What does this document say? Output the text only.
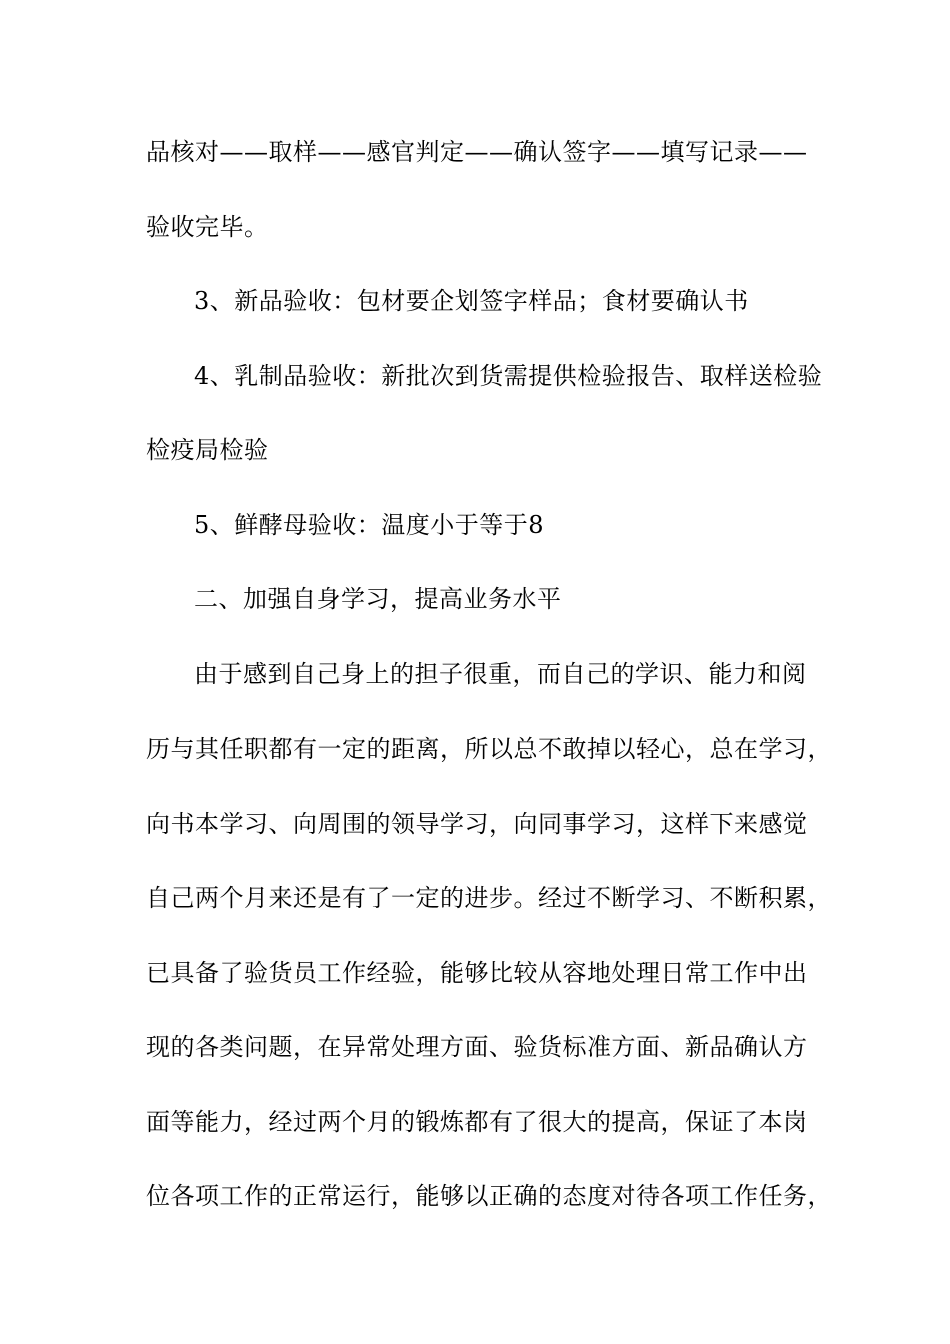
品核对——取样——感官判定——确认签字——填写记录——
验收完毕。
3、新品验收：包材要企划签字样品；食材要确认书
4、乳制品验收：新批次到货需提供检验报告、取样送检验
检疫局检验
5、鲜酵母验收：温度小于等于8
二、加强自身学习，提高业务水平
由于感到自己身上的担子很重，而自己的学识、能力和阅
历与其任职都有一定的距离，所以总不敢掉以轻心，总在学习，
向书本学习、向周围的领导学习，向同事学习，这样下来感觉
自己两个月来还是有了一定的进步。经过不断学习、不断积累，
已具备了验货员工作经验，能够比较从容地处理日常工作中出
现的各类问题，在异常处理方面、验货标准方面、新品确认方
面等能力，经过两个月的锻炼都有了很大的提高，保证了本岗
位各项工作的正常运行，能够以正确的态度对待各项工作任务，
